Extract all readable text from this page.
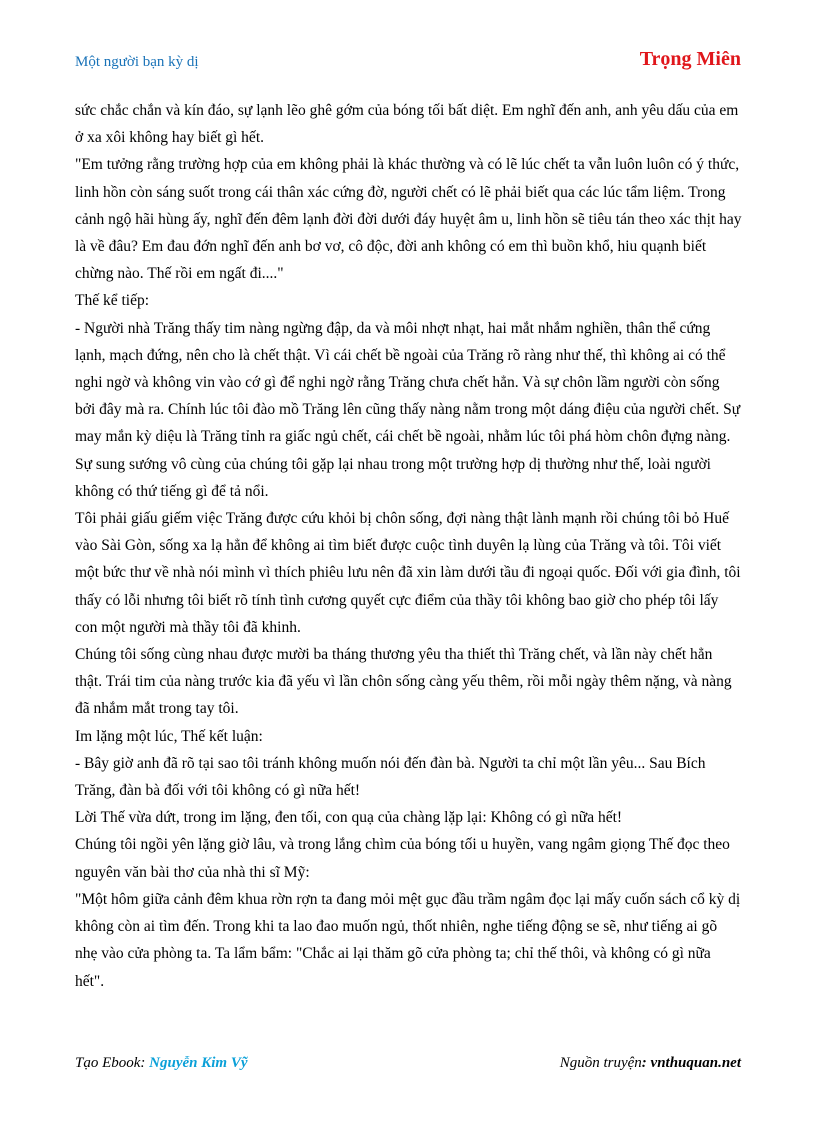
Một người bạn kỳ dị	Trọng Miên

sức chắc chắn và kín đáo, sự lạnh lẽo ghê gớm của bóng tối bất diệt. Em nghĩ đến anh, anh yêu dấu của em ở xa xôi không hay biết gì hết.

"Em tưởng rằng trường hợp của em không phải là khác thường và có lẽ lúc chết ta vẫn luôn luôn có ý thức, linh hồn còn sáng suốt trong cái thân xác cứng đờ, người chết có lẽ phải biết qua các lúc tẩm liệm. Trong cảnh ngộ hãi hùng ấy, nghĩ đến đêm lạnh đời đời dưới đáy huyệt âm u, linh hồn sẽ tiêu tán theo xác thịt hay là về đâu? Em đau đớn nghĩ đến anh bơ vơ, cô độc, đời anh không có em thì buồn khổ, hiu quạnh biết chừng nào. Thế rồi em ngất đi...."

Thế kể tiếp:

- Người nhà Trăng thấy tim nàng ngừng đập, da và môi nhợt nhạt, hai mắt nhắm nghiền, thân thể cứng lạnh, mạch đứng, nên cho là chết thật. Vì cái chết bề ngoài của Trăng rõ ràng như thế, thì không ai có thể nghi ngờ và không vin vào cớ gì để nghi ngờ rằng Trăng chưa chết hẳn. Và sự chôn lầm người còn sống bởi đây mà ra. Chính lúc tôi đào mồ Trăng lên cũng thấy nàng nằm trong một dáng điệu của người chết. Sự may mắn kỳ diệu là Trăng tỉnh ra giấc ngủ chết, cái chết bề ngoài, nhằm lúc tôi phá hòm chôn đựng nàng.

Sự sung sướng vô cùng của chúng tôi gặp lại nhau trong một trường hợp dị thường như thế, loài người không có thứ tiếng gì để tả nổi.

Tôi phải giấu giếm việc Trăng được cứu khỏi bị chôn sống, đợi nàng thật lành mạnh rồi chúng tôi bỏ Huế vào Sài Gòn, sống xa lạ hẳn để không ai tìm biết được cuộc tình duyên lạ lùng của Trăng và tôi. Tôi viết một bức thư về nhà nói mình vì thích phiêu lưu nên đã xin làm dưới tầu đi ngoại quốc. Đối với gia đình, tôi thấy có lỗi nhưng tôi biết rõ tính tình cương quyết cực điểm của thầy tôi không bao giờ cho phép tôi lấy con một người mà thầy tôi đã khinh.

Chúng tôi sống cùng nhau được mười ba tháng thương yêu tha thiết thì Trăng chết, và lần này chết hẳn thật. Trái tim của nàng trước kia đã yếu vì lần chôn sống càng yếu thêm, rồi mỗi ngày thêm nặng, và nàng đã nhắm mắt trong tay tôi.

Im lặng một lúc, Thế kết luận:

- Bây giờ anh đã rõ tại sao tôi tránh không muốn nói đến đàn bà. Người ta chỉ một lần yêu... Sau Bích Trăng, đàn bà đối với tôi không có gì nữa hết!

Lời Thế vừa dứt, trong im lặng, đen tối, con quạ của chàng lặp lại: Không có gì nữa hết!

Chúng tôi ngồi yên lặng giờ lâu, và trong lắng chìm của bóng tối u huyền, vang ngâm giọng Thế đọc theo nguyên văn bài thơ của nhà thi sĩ Mỹ:

"Một hôm giữa cảnh đêm khua rờn rợn ta đang mỏi mệt gục đầu trầm ngâm đọc lại mấy cuốn sách cổ kỳ dị không còn ai tìm đến. Trong khi ta lao đao muốn ngủ, thốt nhiên, nghe tiếng động se sẽ, như tiếng ai gõ nhẹ vào cửa phòng ta. Ta lẩm bẩm: "Chắc ai lại thăm gõ cửa phòng ta; chỉ thế thôi, và không có gì nữa hết".

Tạo Ebook: Nguyễn Kim Vỹ	Nguồn truyện: vnthuquan.net
